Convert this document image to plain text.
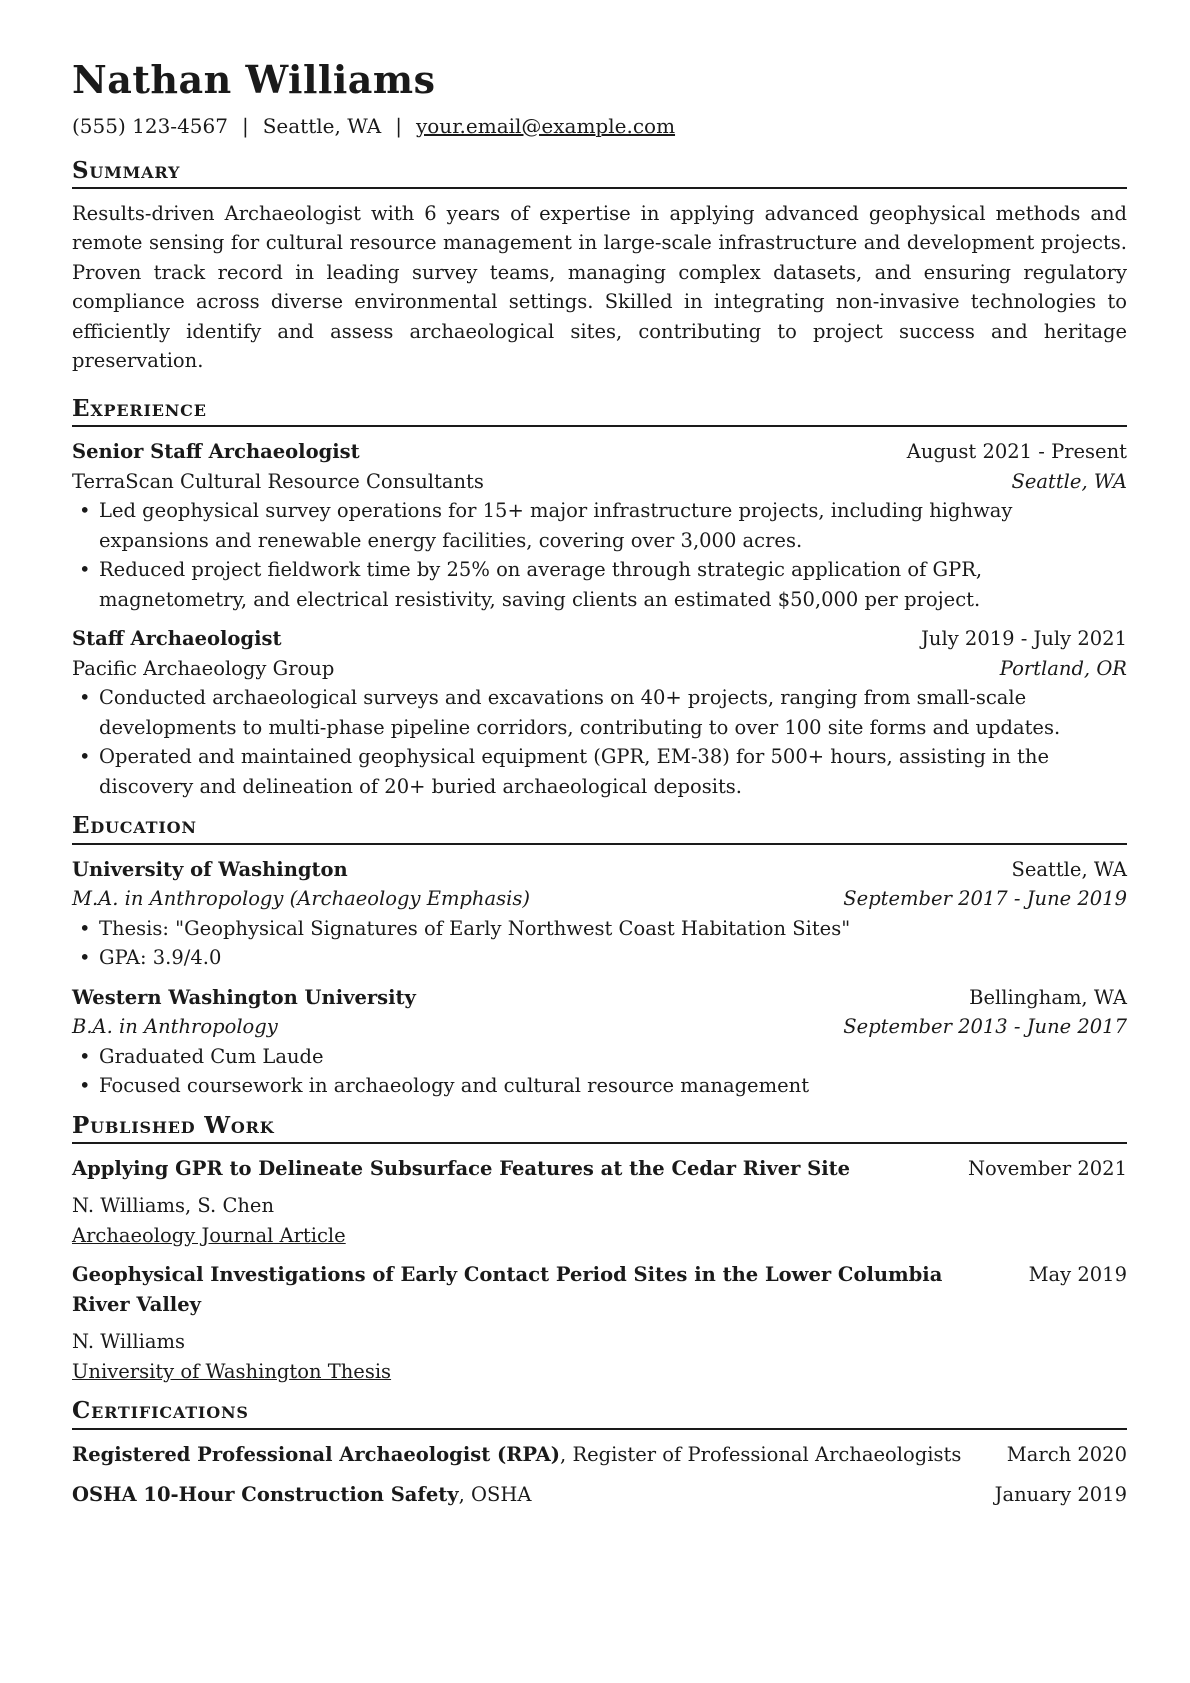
Nathan Williams
(555) 123-4567 | Seattle, WA | your.email@example.com
Summary

Results-driven Archaeologist with 6 years of expertise in applying advanced geophysical methods and remote sensing for cultural resource management in large-scale infrastructure and development projects. Proven track record in leading survey teams, managing complex datasets, and ensuring regulatory compliance across diverse environmental settings. Skilled in integrating non-invasive technologies to efficiently identify and assess archaeological sites, contributing to project success and heritage preservation.

Experience
Senior Staff Archaeologist	August 2021 - Present
TerraScan Cultural Resource Consultants	Seattle, WA
• Led geophysical survey operations for 15+ major infrastructure projects, including highway expansions and renewable energy facilities, covering over 3,000 acres.
• Reduced project fieldwork time by 25% on average through strategic application of GPR, magnetometry, and electrical resistivity, saving clients an estimated $50,000 per project.
Staff Archaeologist	July 2019 - July 2021
Pacific Archaeology Group	Portland, OR
• Conducted archaeological surveys and excavations on 40+ projects, ranging from small-scale developments to multi-phase pipeline corridors, contributing to over 100 site forms and updates.
• Operated and maintained geophysical equipment (GPR, EM-38) for 500+ hours, assisting in the discovery and delineation of 20+ buried archaeological deposits.
Education
University of Washington	Seattle, WA
M.A. in Anthropology (Archaeology Emphasis)	September 2017 - June 2019
• Thesis: "Geophysical Signatures of Early Northwest Coast Habitation Sites"
• GPA: 3.9/4.0
Western Washington University	Bellingham, WA
B.A. in Anthropology	September 2013 - June 2017
• Graduated Cum Laude
• Focused coursework in archaeology and cultural resource management
Published Work
Applying GPR to Delineate Subsurface Features at the Cedar River Site	November 2021
N. Williams, S. Chen
Archaeology Journal Article
Geophysical Investigations of Early Contact Period Sites in the Lower Columbia River Valley
May 2019
N. Williams
University of Washington Thesis
Certifications
Registered Professional Archaeologist (RPA), Register of Professional Archaeologists March 2020
OSHA 10-Hour Construction Safety, OSHA	January 2019
